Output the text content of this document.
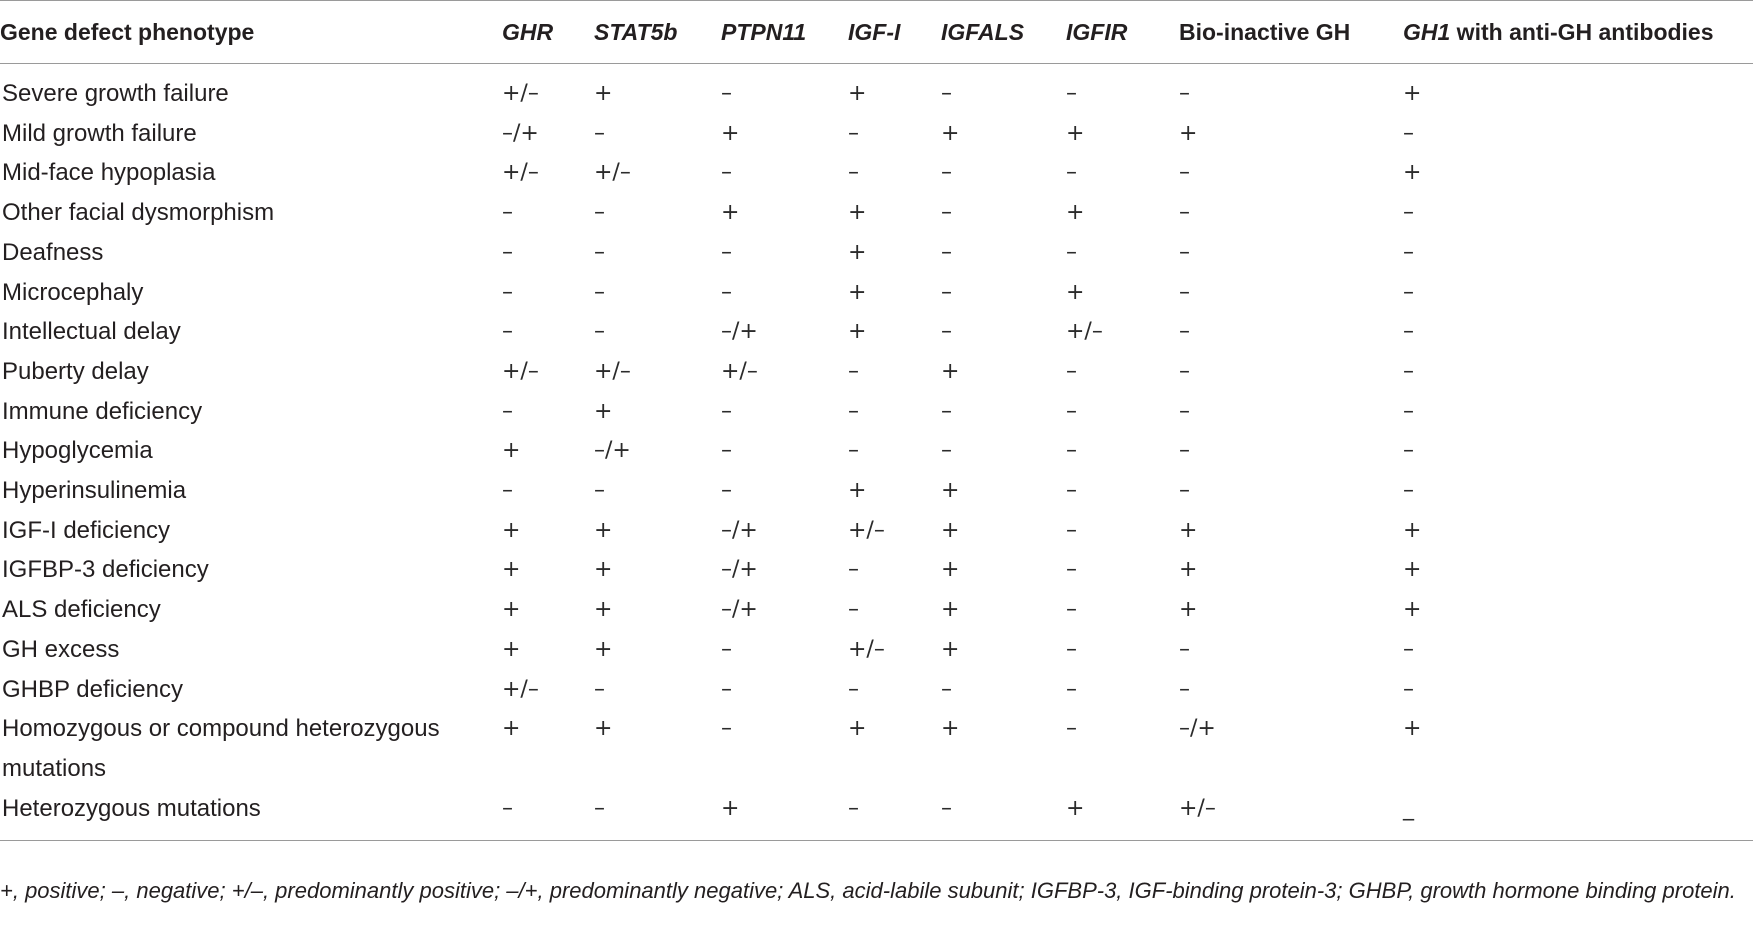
Gene defect phenotype	GHR	STAT5b	PTPN11	IGF-I	IGFALS	IGFIR	Bio-inactive GH	GH1 with anti-GH antibodies
Severe growth failure	+/–	+	–	+	–	–	–	+
Mild growth failure	–/+	–	+	–	+	+	+	–
Mid-face hypoplasia	+/–	+/–	–	–	–	–	–	+
Other facial dysmorphism	–	–	+	+	–	+	–	–
Deafness	–	–	–	+	–	–	–	–
Microcephaly	–	–	–	+	–	+	–	–
Intellectual delay	–	–	–/+	+	–	+/–	–	–
Puberty delay	+/–	+/–	+/–	–	+	–	–	–
Immune deficiency	–	+	–	–	–	–	–	–
Hypoglycemia	+	–/+	–	–	–	–	–	–
Hyperinsulinemia	–	–	–	+	+	–	–	–
IGF-I deficiency	+	+	–/+	+/–	+	–	+	+
IGFBP-3 deficiency	+	+	–/+	–	+	–	+	+
ALS deficiency	+	+	–/+	–	+	–	+	+
GH excess	+	+	–	+/–	+	–	–	–
GHBP deficiency	+/–	–	–	–	–	–	–	–
Homozygous or compound heterozygous mutations	+	+	–	+	+	–	–/+	+
Heterozygous mutations	–	–	+	–	–	+	+/–	_
+, positive; –, negative; +/–, predominantly positive; –/+, predominantly negative; ALS, acid-labile subunit; IGFBP-3, IGF-binding protein-3; GHBP, growth hormone binding protein.
